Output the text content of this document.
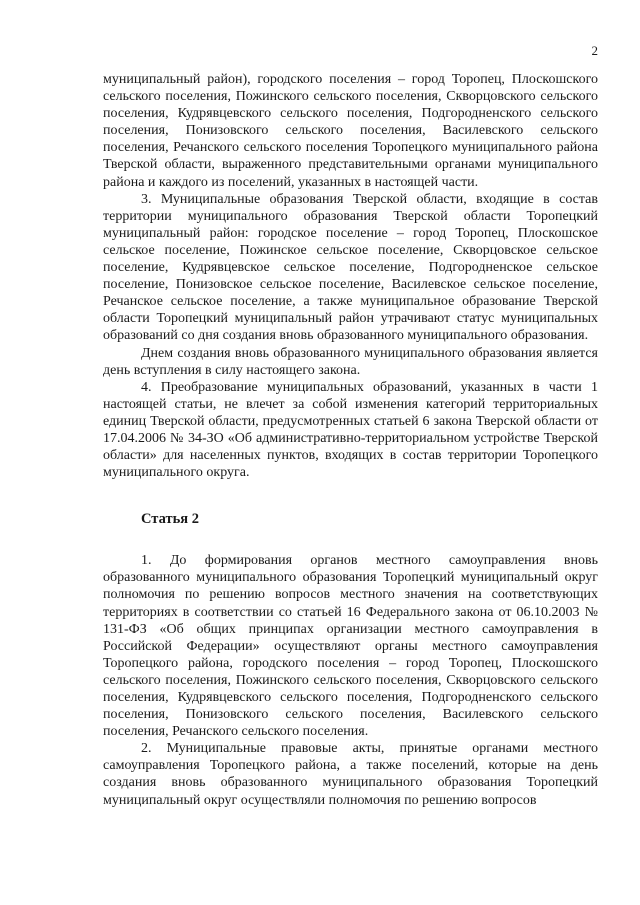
2

муниципальный район), городского поселения – город Торопец, Плоскошского сельского поселения, Пожинского сельского поселения, Скворцовского сельского поселения, Кудрявцевского сельского поселения, Подгородненского сельского поселения, Понизовского сельского поселения, Василевского сельского поселения, Речанского сельского поселения Торопецкого муниципального района Тверской области, выраженного представительными органами муниципального района и каждого из поселений, указанных в настоящей части.

3. Муниципальные образования Тверской области, входящие в состав территории муниципального образования Тверской области Торопецкий муниципальный район: городское поселение – город Торопец, Плоскошское сельское поселение, Пожинское сельское поселение, Скворцовское сельское поселение, Кудрявцевское сельское поселение, Подгородненское сельское поселение, Понизовское сельское поселение, Василевское сельское поселение, Речанское сельское поселение, а также муниципальное образование Тверской области Торопецкий муниципальный район утрачивают статус муниципальных образований со дня создания вновь образованного муниципального образования.

Днем создания вновь образованного муниципального образования является день вступления в силу настоящего закона.

4. Преобразование муниципальных образований, указанных в части 1 настоящей статьи, не влечет за собой изменения категорий территориальных единиц Тверской области, предусмотренных статьей 6 закона Тверской области от 17.04.2006 № 34-ЗО «Об административно-территориальном устройстве Тверской области» для населенных пунктов, входящих в состав территории Торопецкого муниципального округа.

Статья 2

1. До формирования органов местного самоуправления вновь образованного муниципального образования Торопецкий муниципальный округ полномочия по решению вопросов местного значения на соответствующих территориях в соответствии со статьей 16 Федерального закона от 06.10.2003 № 131-ФЗ «Об общих принципах организации местного самоуправления в Российской Федерации» осуществляют органы местного самоуправления Торопецкого района, городского поселения – город Торопец, Плоскошского сельского поселения, Пожинского сельского поселения, Скворцовского сельского поселения, Кудрявцевского сельского поселения, Подгородненского сельского поселения, Понизовского сельского поселения, Василевского сельского поселения, Речанского сельского поселения.

2. Муниципальные правовые акты, принятые органами местного самоуправления Торопецкого района, а также поселений, которые на день создания вновь образованного муниципального образования Торопецкий муниципальный округ осуществляли полномочия по решению вопросов
